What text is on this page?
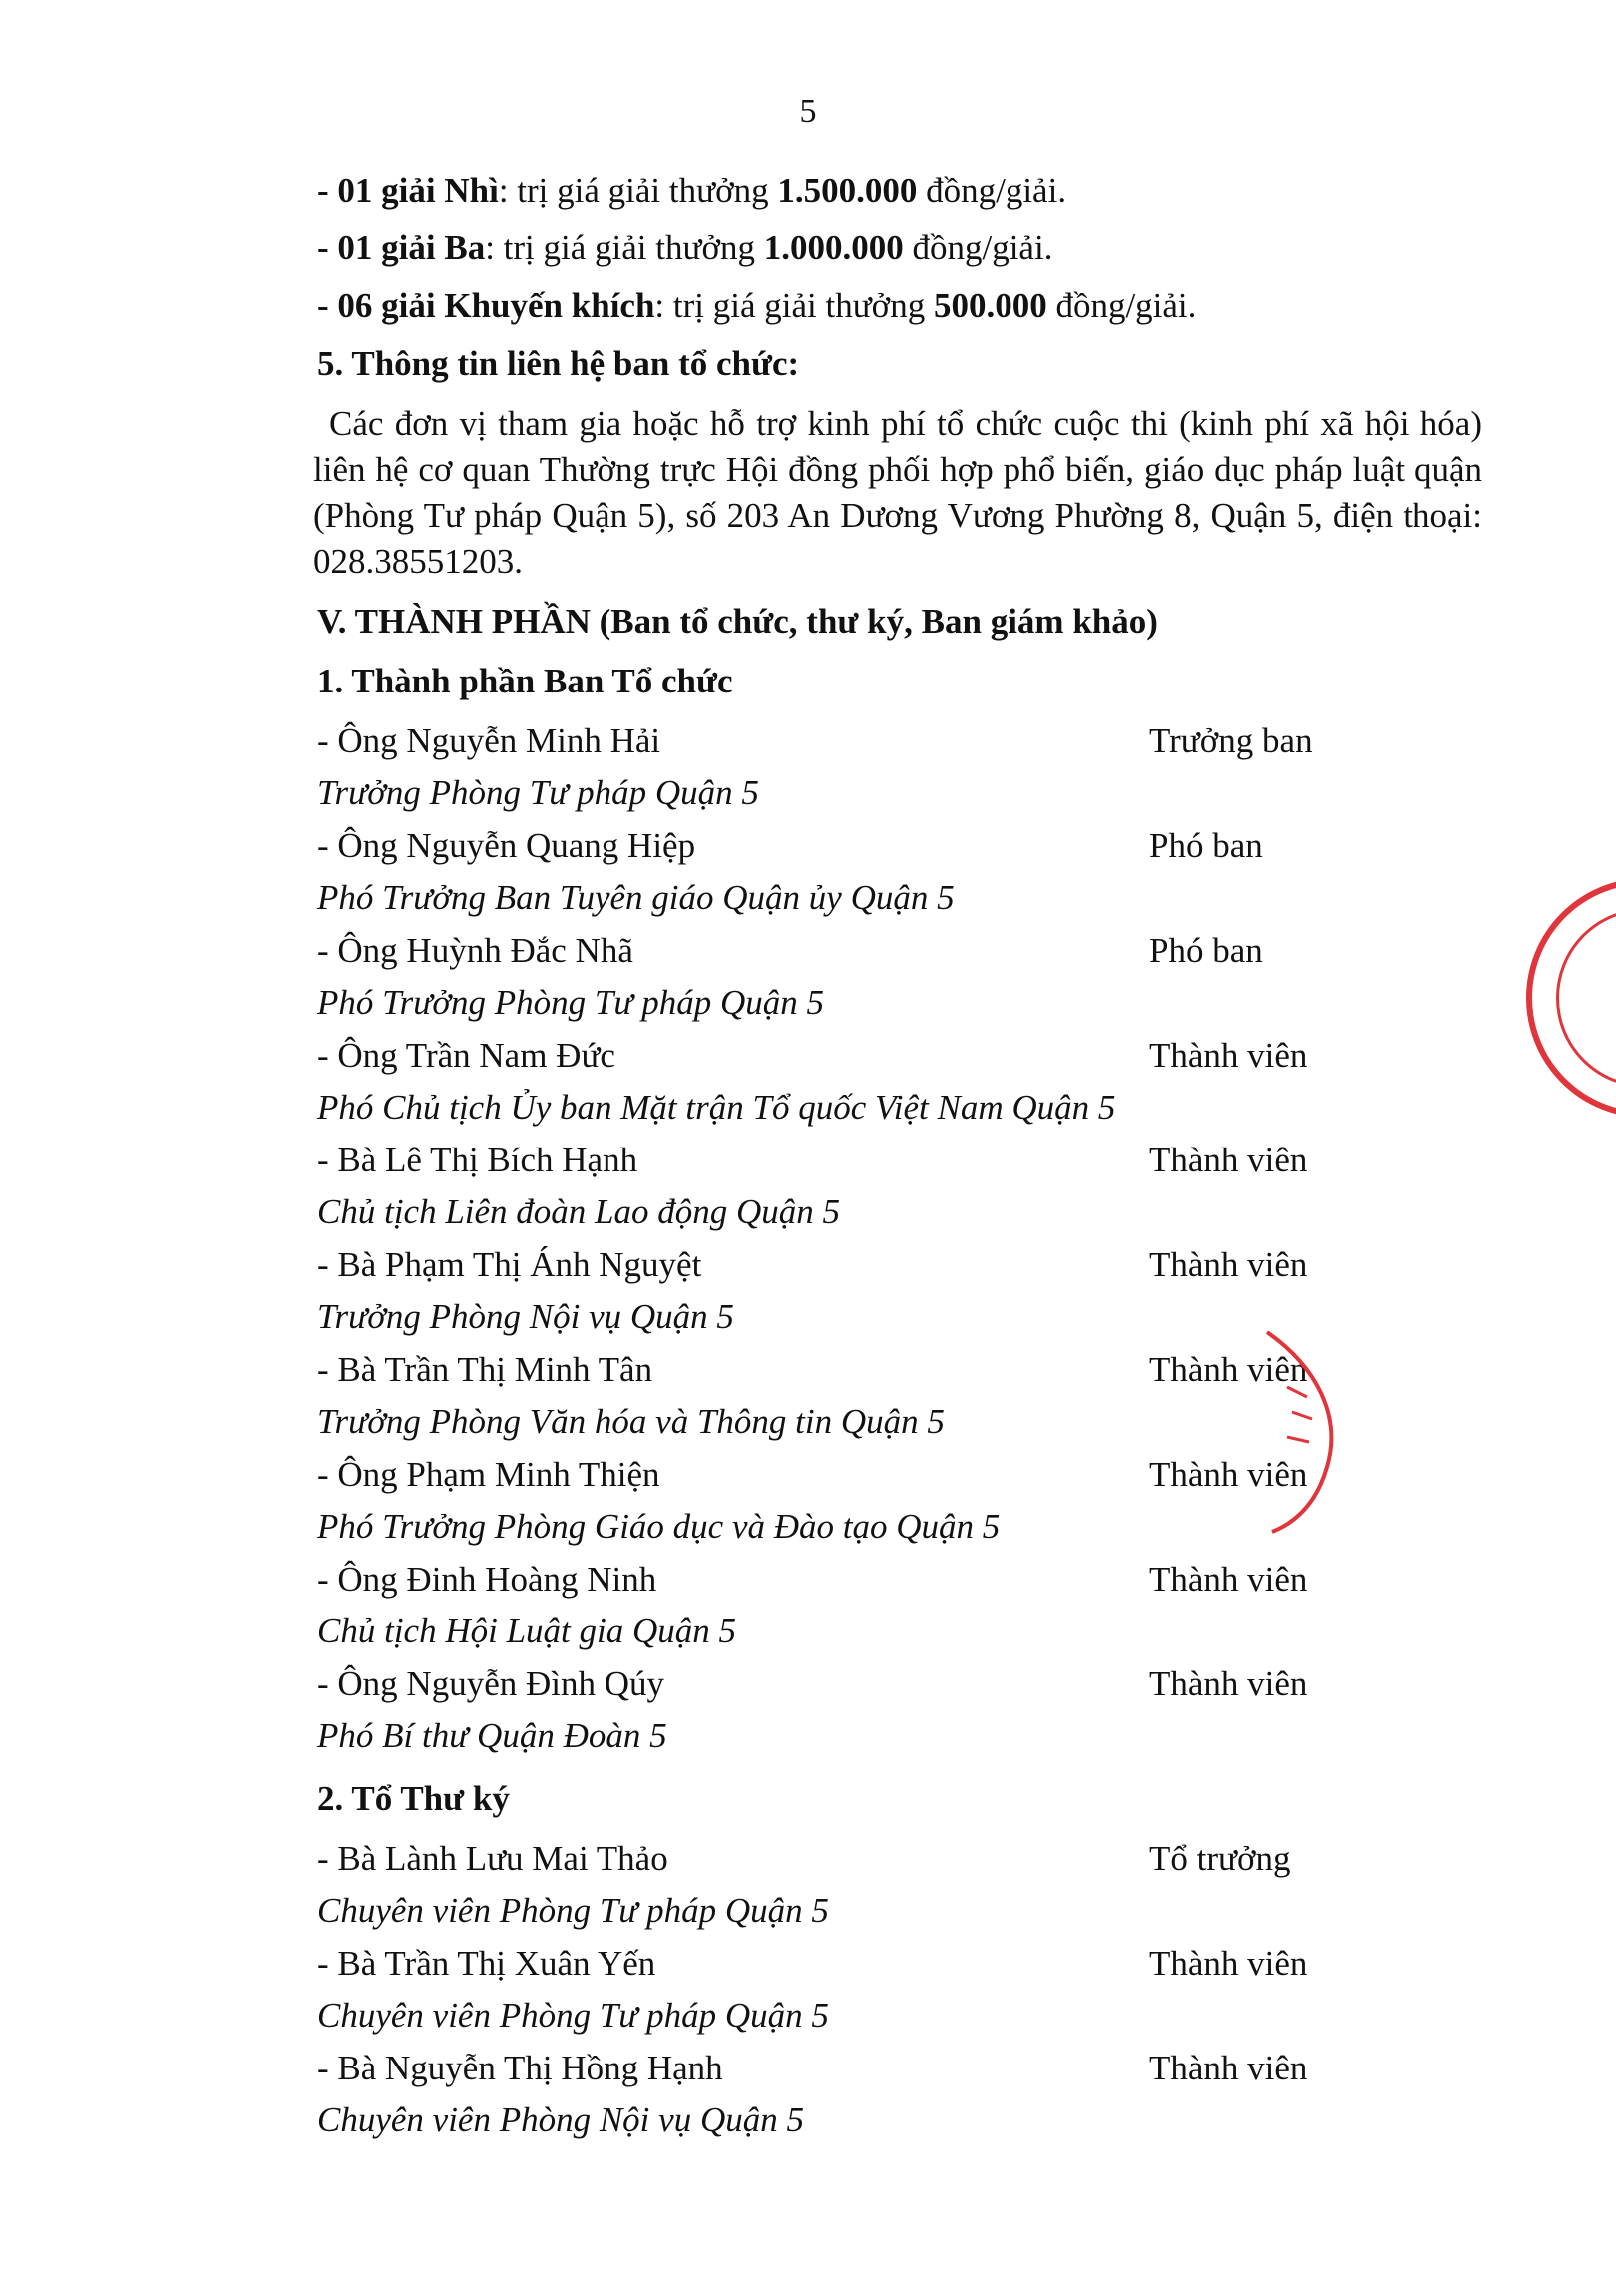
5

- 01 giải Nhì: trị giá giải thưởng 1.500.000 đồng/giải.

- 01 giải Ba: trị giá giải thưởng 1.000.000 đồng/giải.

- 06 giải Khuyến khích: trị giá giải thưởng 500.000 đồng/giải.

5. Thông tin liên hệ ban tổ chức:

Các đơn vị tham gia hoặc hỗ trợ kinh phí tổ chức cuộc thi (kinh phí xã hội hóa) liên hệ cơ quan Thường trực Hội đồng phối hợp phổ biến, giáo dục pháp luật quận (Phòng Tư pháp Quận 5), số 203 An Dương Vương Phường 8, Quận 5, điện thoại: 028.38551203.

V. THÀNH PHẦN (Ban tổ chức, thư ký, Ban giám khảo)

1. Thành phần Ban Tổ chức

- Ông Nguyễn Minh Hải	Trưởng ban
Trưởng Phòng Tư pháp Quận 5
- Ông Nguyễn Quang Hiệp	Phó ban
Phó Trưởng Ban Tuyên giáo Quận ủy Quận 5
- Ông Huỳnh Đắc Nhã	Phó ban
Phó Trưởng Phòng Tư pháp Quận 5
- Ông Trần Nam Đức	Thành viên
Phó Chủ tịch Ủy ban Mặt trận Tổ quốc Việt Nam Quận 5
- Bà Lê Thị Bích Hạnh	Thành viên
Chủ tịch Liên đoàn Lao động Quận 5
- Bà Phạm Thị Ánh Nguyệt	Thành viên
Trưởng Phòng Nội vụ Quận 5
- Bà Trần Thị Minh Tân	Thành viên
Trưởng Phòng Văn hóa và Thông tin Quận 5
- Ông Phạm Minh Thiện	Thành viên
Phó Trưởng Phòng Giáo dục và Đào tạo Quận 5
- Ông Đinh Hoàng Ninh	Thành viên
Chủ tịch Hội Luật gia Quận 5
- Ông Nguyễn Đình Qúy	Thành viên
Phó Bí thư Quận Đoàn 5

2. Tổ Thư ký

- Bà Lành Lưu Mai Thảo	Tổ trưởng
Chuyên viên Phòng Tư pháp Quận 5
- Bà Trần Thị Xuân Yến	Thành viên
Chuyên viên Phòng Tư pháp Quận 5
- Bà Nguyễn Thị Hồng Hạnh	Thành viên
Chuyên viên Phòng Nội vụ Quận 5
